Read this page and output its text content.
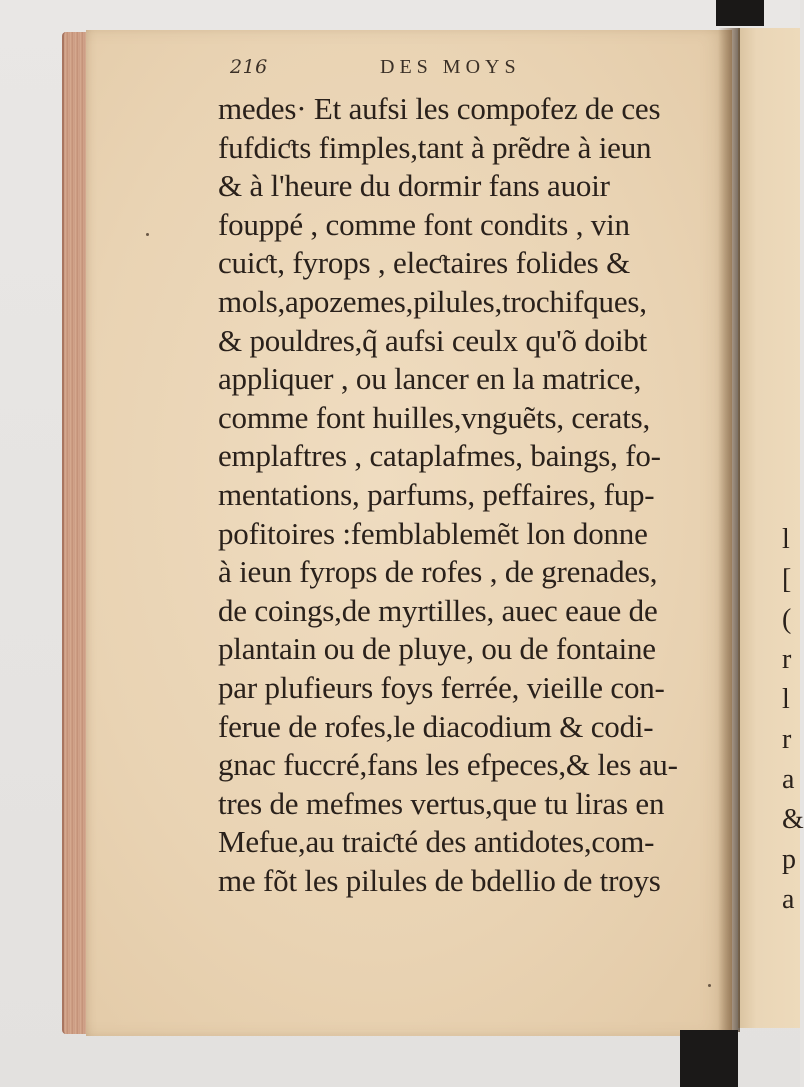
216	DES MOYS
medes· Et aufsi les compofez de ces
fufdiƈts fimples,tant à prẽdre à ieun
& à l'heure du dormir fans auoir
fouppé , comme font condits , vin
cuiƈt, fyrops , eleƈtaires folides &
mols,apozemes,pilules,trochifques,
& pouldres,q̃ aufsi ceulx qu'õ doibt
appliquer , ou lancer en la matrice,
comme font huilles,vnguẽts, cerats,
emplaftres , cataplafmes, baings, fo-
mentations, parfums, peffaires, fup-
pofitoires :femblablemẽt lon donne
à ieun fyrops de rofes , de grenades,
de coings,de myrtilles, auec eaue de
plantain ou de pluye, ou de fontaine
par plufieurs foys ferrée, vieille con-
ferue de rofes,le diacodium & codi-
gnac fuccré,fans les efpeces,& les au-
tres de mefmes vertus,que tu liras en
Mefue,au traiƈté des antidotes,com-
me fõt les pilules de bdellio de troys
l
[
(
r
l
r
a
&
p
a
